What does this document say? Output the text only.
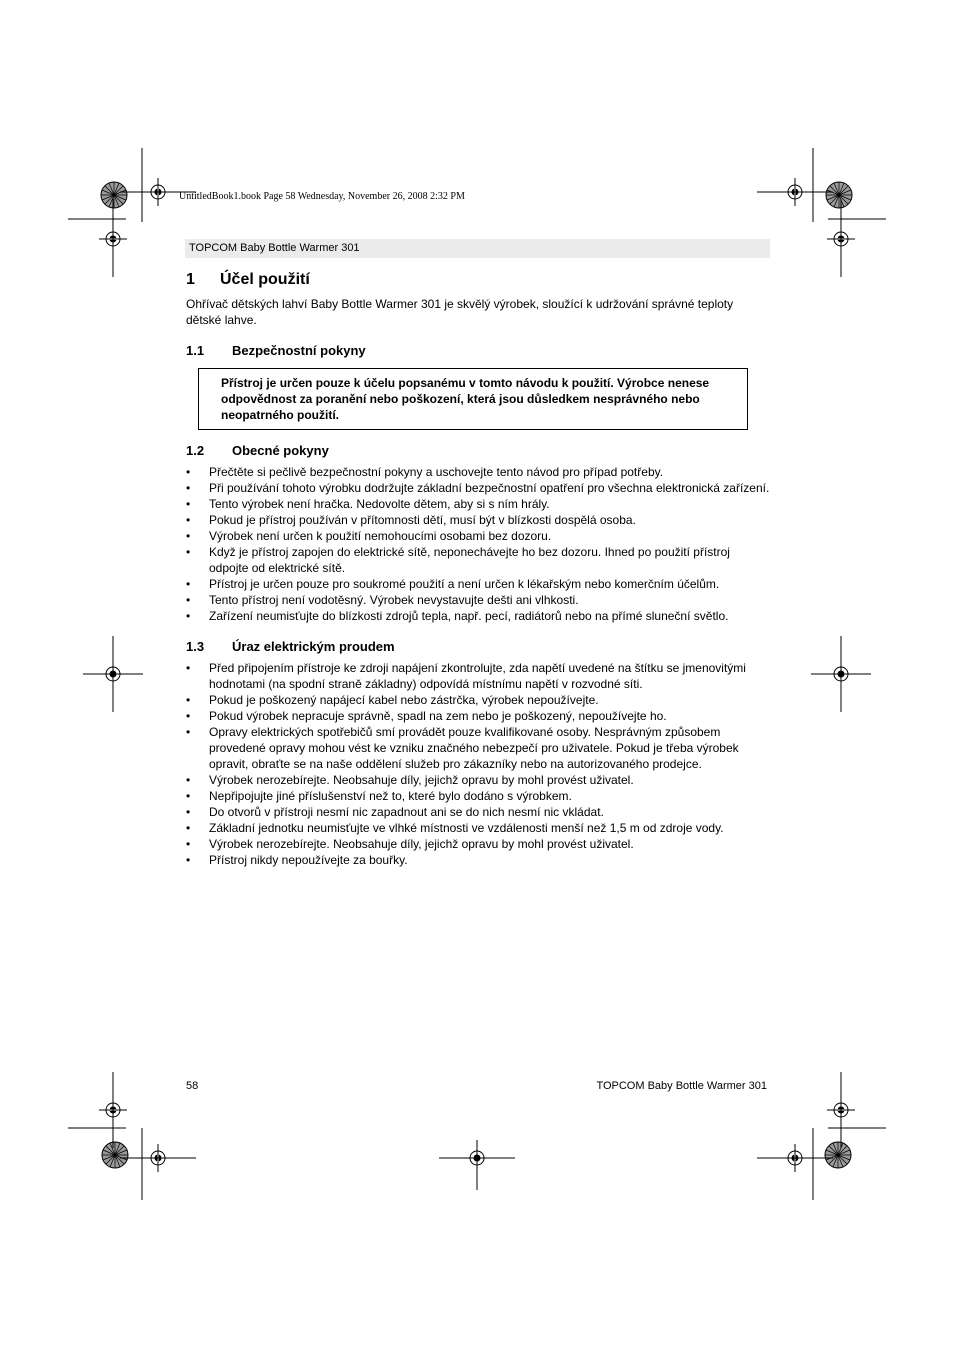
UntitledBook1.book Page 58 Wednesday, November 26, 2008 2:32 PM
TOPCOM Baby Bottle Warmer 301
1 Účel použití

Ohřívač dětských lahví Baby Bottle Warmer 301 je skvělý výrobek, sloužící k udržování správné teploty dětské lahve.

1.1 Bezpečnostní pokyny
Přístroj je určen pouze k účelu popsanému v tomto návodu k použití. Výrobce nenese odpovědnost za poranění nebo poškození, která jsou důsledkem nesprávného nebo neopatrného použití.
1.2 Obecné pokyny
• Přečtěte si pečlivě bezpečnostní pokyny a uschovejte tento návod pro případ potřeby.
• Při používání tohoto výrobku dodržujte základní bezpečnostní opatření pro všechna elektronická zařízení.
• Tento výrobek není hračka. Nedovolte dětem, aby si s ním hrály.
• Pokud je přístroj používán v přítomnosti dětí, musí být v blízkosti dospělá osoba.
• Výrobek není určen k použití nemohoucími osobami bez dozoru.
• Když je přístroj zapojen do elektrické sítě, neponechávejte ho bez dozoru. Ihned po použití přístroj odpojte od elektrické sítě.
• Přístroj je určen pouze pro soukromé použití a není určen k lékařským nebo komerčním účelům.
• Tento přístroj není vodotěsný. Výrobek nevystavujte dešti ani vlhkosti.
• Zařízení neumisťujte do blízkosti zdrojů tepla, např. pecí, radiátorů nebo na přímé sluneční světlo.
1.3 Úraz elektrickým proudem
• Před připojením přístroje ke zdroji napájení zkontrolujte, zda napětí uvedené na štítku se jmenovitými hodnotami (na spodní straně základny) odpovídá místnímu napětí v rozvodné síti.
• Pokud je poškozený napájecí kabel nebo zástrčka, výrobek nepoužívejte.
• Pokud výrobek nepracuje správně, spadl na zem nebo je poškozený, nepoužívejte ho.
• Opravy elektrických spotřebičů smí provádět pouze kvalifikované osoby. Nesprávným způsobem provedené opravy mohou vést ke vzniku značného nebezpečí pro uživatele. Pokud je třeba výrobek opravit, obraťte se na naše oddělení služeb pro zákazníky nebo na autorizovaného prodejce.
• Výrobek nerozebírejte. Neobsahuje díly, jejichž opravu by mohl provést uživatel.
• Nepřipojujte jiné příslušenství než to, které bylo dodáno s výrobkem.
• Do otvorů v přístroji nesmí nic zapadnout ani se do nich nesmí nic vkládat.
• Základní jednotku neumisťujte ve vlhké místnosti ve vzdálenosti menší než 1,5 m od zdroje vody.
• Výrobek nerozebírejte. Neobsahuje díly, jejichž opravu by mohl provést uživatel.
• Přístroj nikdy nepoužívejte za bouřky.
58	TOPCOM Baby Bottle Warmer 301
